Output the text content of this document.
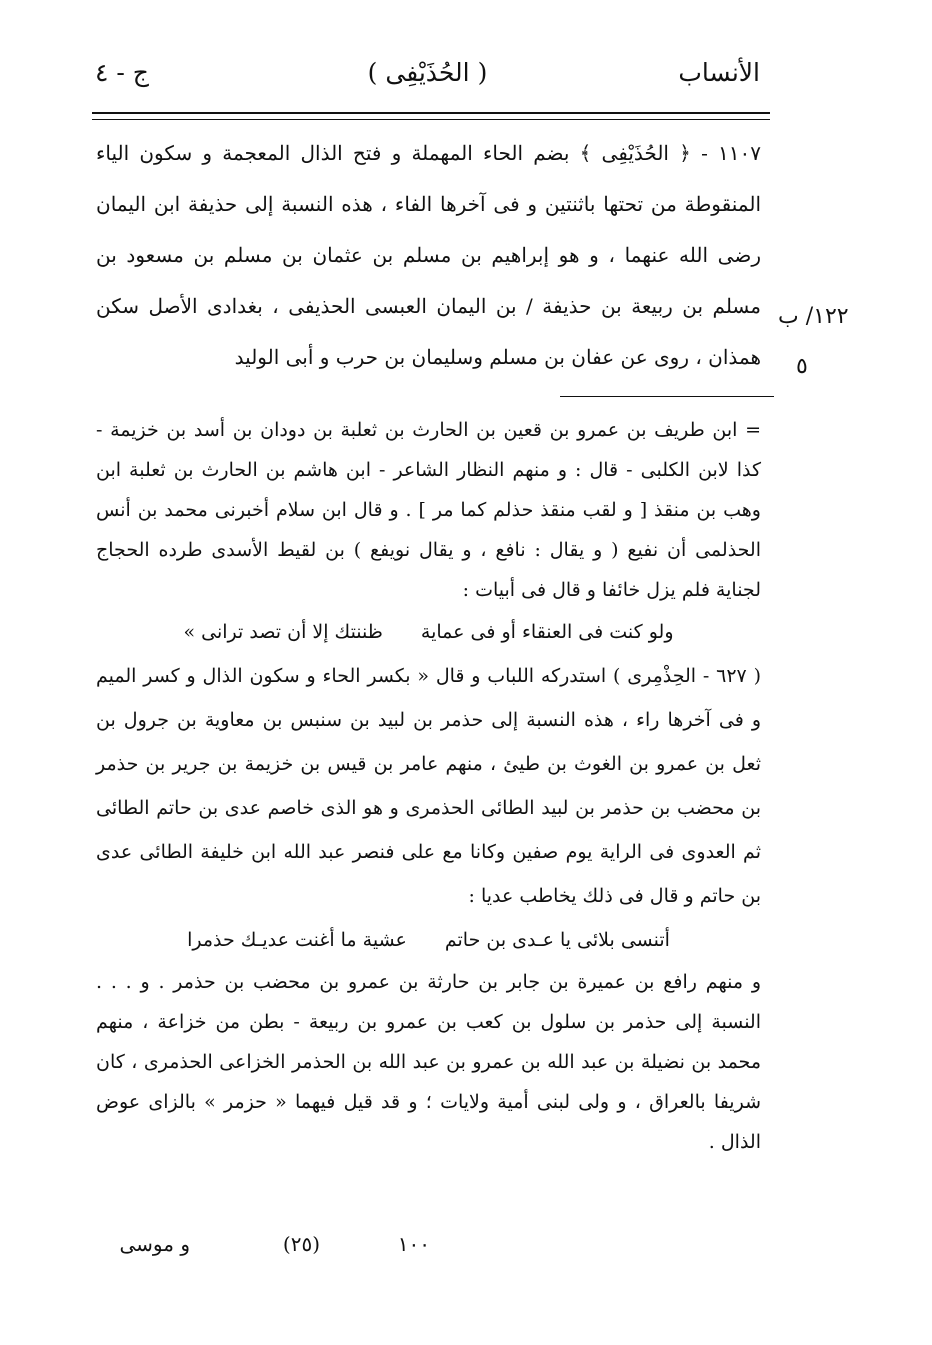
الأنساب
( الحُذَيْفِى )
ج - ٤
١٢٢/ ب
٥

١١٠٧ - ﴿ الحُذَيْفِى ﴾ بضم الحاء المهملة و فتح الذال المعجمة و سكون الياء المنقوطة من تحتها باثنتين و فى آخرها الفاء ، هذه النسبة إلى حذيفة ابن اليمان رضى الله عنهما ، و هو إبراهيم بن مسلم بن عثمان بن مسلم بن مسعود بن مسلم بن ربيعة بن حذيفة / بن اليمان العبسى الحذيفى ، بغدادى الأصل سكن همذان ، روى عن عفان بن مسلم وسليمان بن حرب و أبى الوليد

= ابن طريف بن عمرو بن قعين بن الحارث بن ثعلبة بن دودان بن أسد بن خزيمة - كذا لابن الكلبى - قال : و منهم النظار الشاعر - ابن هاشم بن الحارث بن ثعلبة ابن وهب بن منقذ [ و لقب منقذ حذلم كما مر ] . و قال ابن سلام أخبرنى محمد بن أنس الحذلمى أن نفيع ( و يقال : نافع ، و يقال نويفع ) بن لقيط الأسدى طرده الحجاج لجناية فلم يزل خائفا و قال فى أبيات :

ولو كنت فى العنقاء أو فى عماية
ظننتك إلا أن تصد ترانى »

( ٦٢٧ - الحِذْمِرى ) استدركه اللباب و قال « بكسر الحاء و سكون الذال و كسر الميم و فى آخرها راء ، هذه النسبة إلى حذمر بن لبيد بن سنبس بن معاوية بن جرول بن ثعل بن عمرو بن الغوث بن طيئ ، منهم عامر بن قيس بن خزيمة بن جرير بن حذمر بن محضب بن حذمر بن لبيد الطائى الحذمرى و هو الذى خاصم عدى بن حاتم الطائى ثم العدوى فى الراية يوم صفين وكانا مع على فنصر عبد الله ابن خليفة الطائى عدى بن حاتم و قال فى ذلك يخاطب عديا :

أتنسى بلائى يا عـدى بن حاتم
عشية ما أغنت عديـك حذمرا

و منهم رافع بن عميرة بن جابر بن حارثة بن عمرو بن محضب بن حذمر . و . . . النسبة إلى حذمر بن سلول بن كعب بن عمرو بن ربيعة - بطن من خزاعة ، منهم محمد بن نضيلة بن عبد الله بن عمرو بن عبد الله بن الحذمر الخزاعى الحذمرى ، كان شريفا بالعراق ، و ولى لبنى أمية ولايات ؛ و قد قيل فيهما « حزمر » بالزاى عوض الذال .

١٠٠
(٢٥)
و موسى
